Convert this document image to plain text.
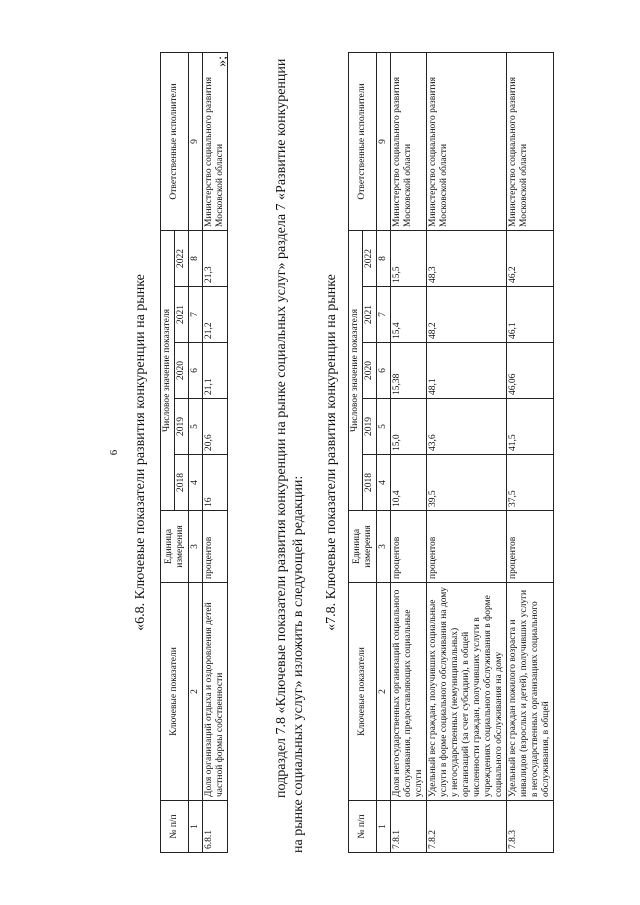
6 «6.8. Ключевые показатели развития конкуренции на рынке
№ п/п	Ключевые показатели	Единица измерения	Числовое значение показателя					Ответственные исполнители
			2018	2019	2020	2021	2022	
1	2	3	4	5	6	7	8	9
6.8.1	Доля организаций отдыха и оздоровления детей частной формы собственности	процентов	16	20,6	21,1	21,2	21,3	Министерство социального развития Московской области
»;	подраздел 7.8 «Ключевые показатели развития конкуренции на рынке социальных услуг» раздела 7 «Развитие конкуренции на рынке социальных услуг» изложить в следующей редакции:
«7.8. Ключевые показатели развития конкуренции на рынке
№ п/п	Ключевые показатели	Единица измерения	Числовое значение показателя					Ответственные исполнители
			2018	2019	2020	2021	2022	
1	2	3	4	5	6	7	8	9
7.8.1	Доля негосударственных организаций социального обслуживания, предоставляющих социальные услуги	процентов	10,4	15,0	15,38	15,4	15,5	Министерство социального развития Московской области
7.8.2	Удельный вес граждан, получивших социальные услуги в форме социального обслуживания на дому у негосударственных (немуниципальных) организаций (за счет субсидии), в общей численности граждан, получивших услуги в учреждениях социального обслуживания в форме социального обслуживания на дому	процентов	39,5	43,6	48,1	48,2	48,3	Министерство социального развития Московской области
7.8.3	Удельный вес граждан пожилого возраста и инвалидов (взрослых и детей), получивших услуги в негосударственных организациях социального обслуживания, в общей	процентов	37,5	41,5	46,06	46,1	46,2	Министерство социального развития Московской области
